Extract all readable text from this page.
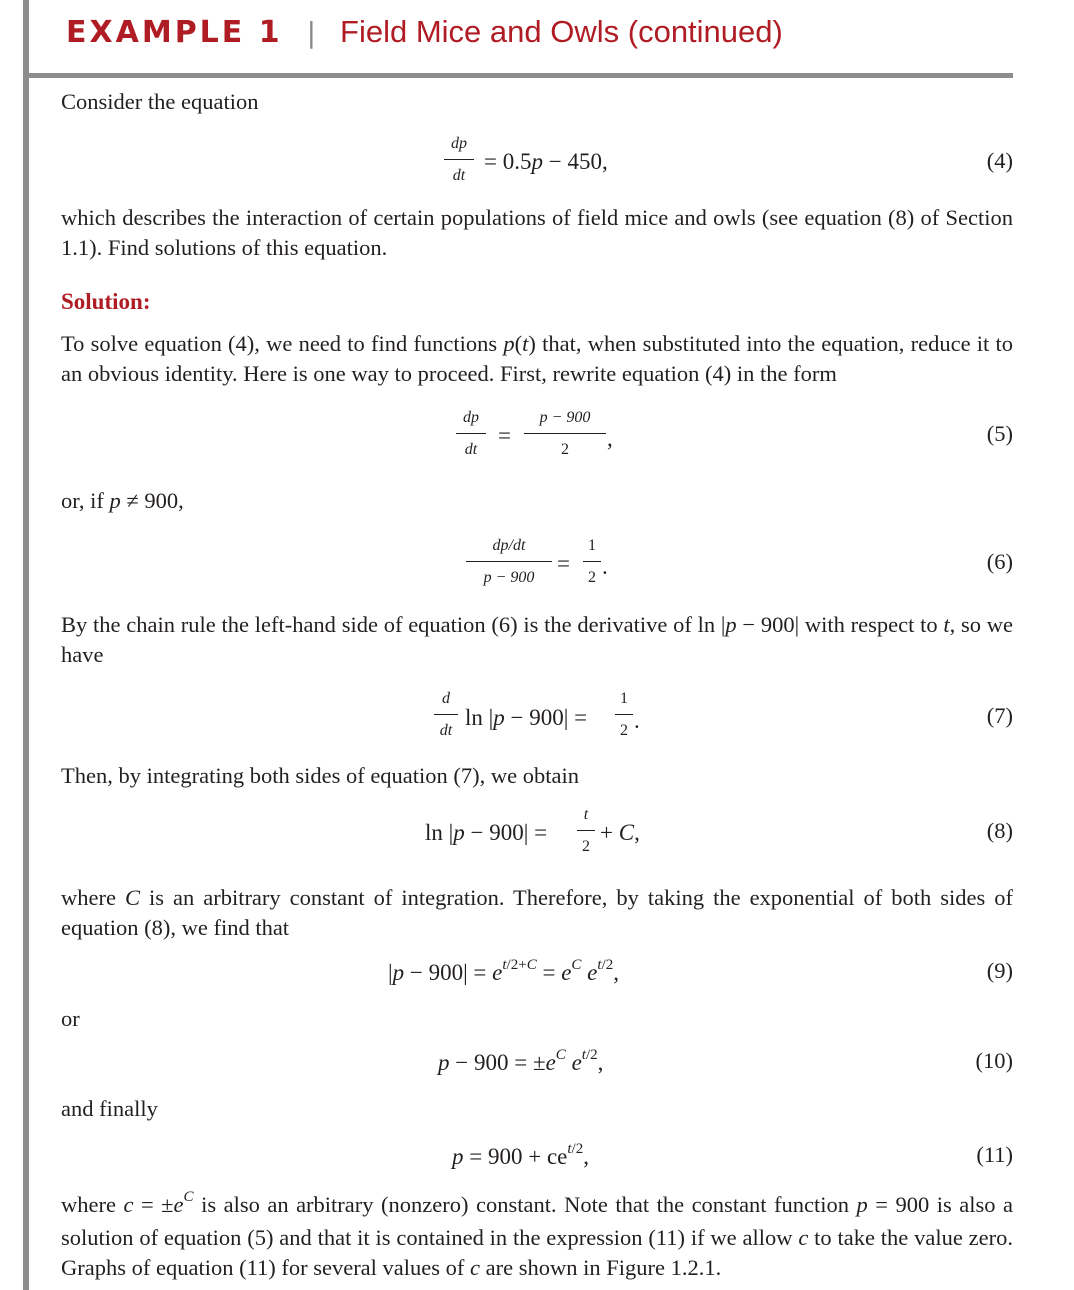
EXAMPLE 1 | Field Mice and Owls (continued)

Consider the equation

dp
dt
= 0.5p − 450,	(4)

which describes the interaction of certain populations of field mice and owls (see equation (8) of Section 1.1). Find solutions of this equation.

Solution:

To solve equation (4), we need to find functions p(t) that, when substituted into the equation, reduce it to an obvious identity. Here is one way to proceed. First, rewrite equation (4) in the form

dp
dt
=
p − 900
2	,	(5)

or, if p ≠ 900,

dp/dt
p − 900
=
1
2 .	(6)

By the chain rule the left-hand side of equation (6) is the derivative of ln |p − 900| with respect to t, so we have

d
dt
ln |p − 900| =
1
2 .	(7)

Then, by integrating both sides of equation (7), we obtain

ln |p − 900| =
t
2
+ C,	(8)

where C is an arbitrary constant of integration. Therefore, by taking the exponential of both sides of equation (8), we find that

$|p - 900| = e^{t/2+C} = e^C$ $e^{t/2}$,	(9)

or

$p - 900 = \pm e^C$ $e^{t/2}$,	(10)

and finally

$p = 900 + ce^{t/2}$,	(11)

where $c = \pm e^C$ is also an arbitrary (nonzero) constant. Note that the constant function p = 900 is also a solution of equation (5) and that it is contained in the expression (11) if we allow c to take the value zero. Graphs of equation (11) for several values of c are shown in Figure 1.2.1.
